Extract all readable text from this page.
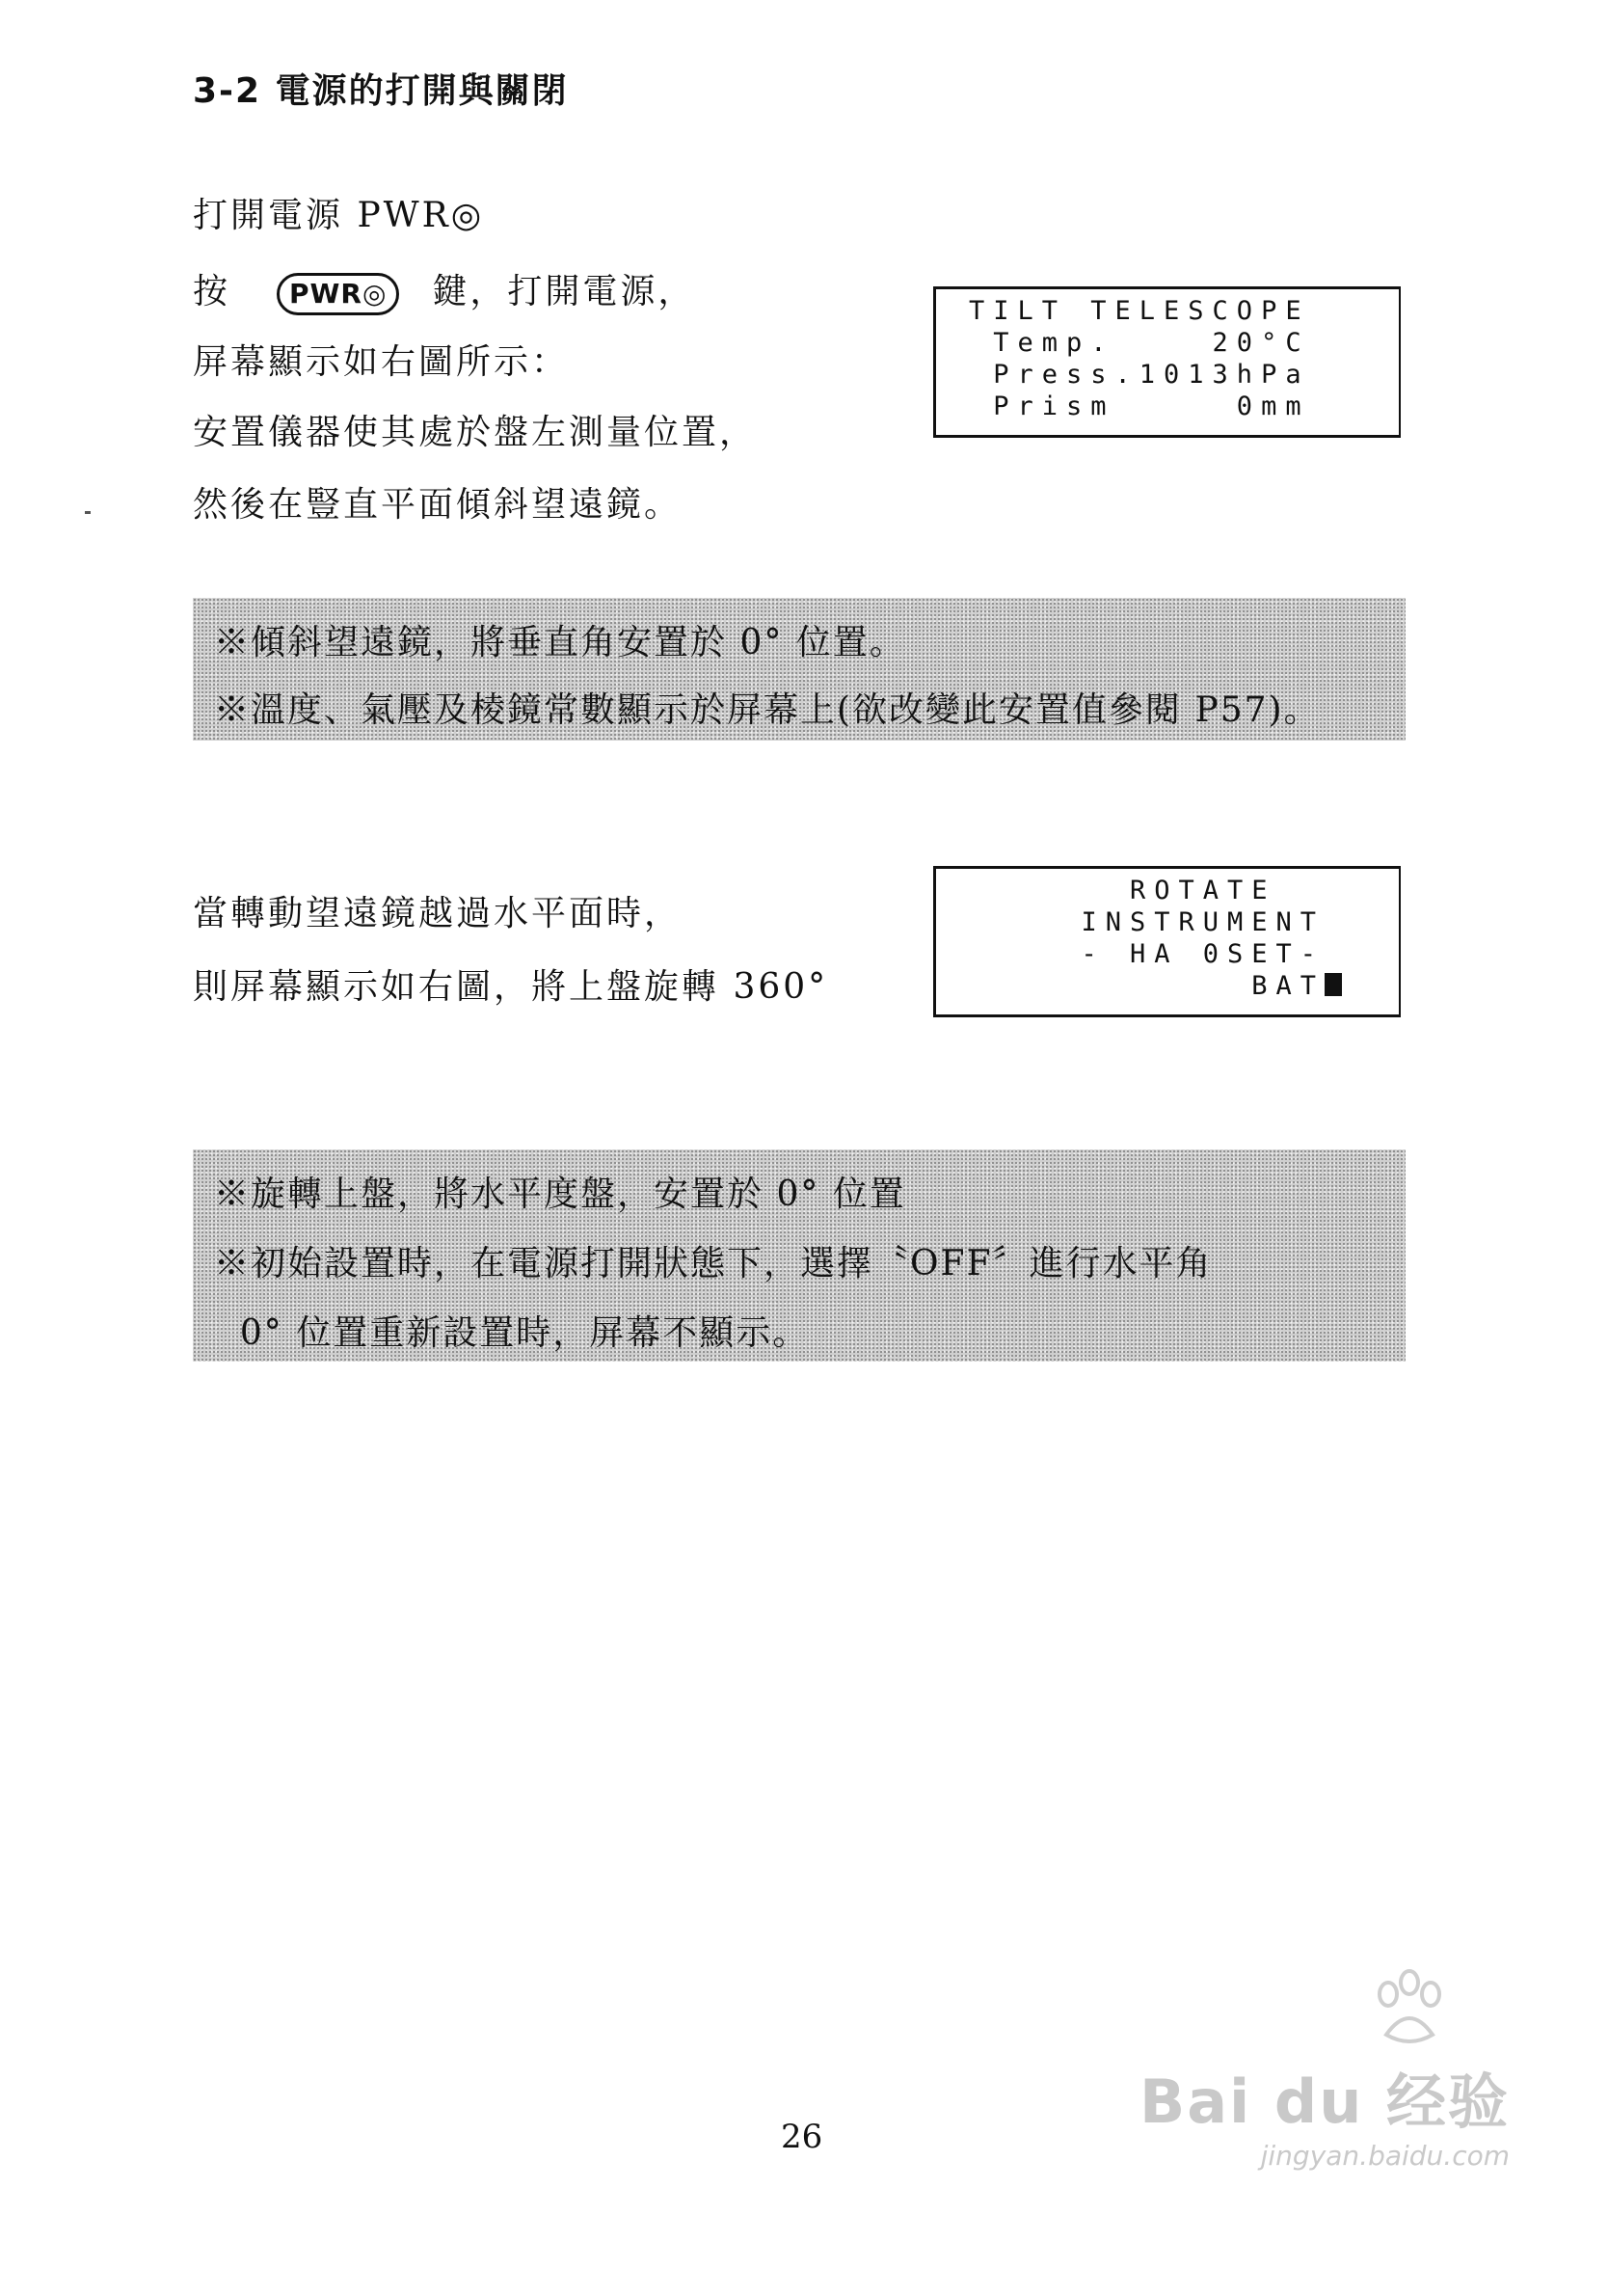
3-2 電源的打開與關閉
打開電源 PWR◎
按 PWR◎ 鍵，打開電源，
屏幕顯示如右圖所示：
安置儀器使其處於盤左測量位置，
然後在豎直平面傾斜望遠鏡。
TILT TELESCOPE
Temp.    20°C
Press.1013hPa
Prism     0mm
※傾斜望遠鏡，將垂直角安置於 0° 位置。
※溫度、氣壓及棱鏡常數顯示於屏幕上(欲改變此安置值參閱 P57)。
當轉動望遠鏡越過水平面時，
則屏幕顯示如右圖，將上盤旋轉 360°
ROTATE
INSTRUMENT
- HA 0SET-
BAT
※旋轉上盤，將水平度盤，安置於 0° 位置
※初始設置時，在電源打開狀態下，選擇〝OFF〞進行水平角
0° 位置重新設置時，屏幕不顯示。
26	Bai du 经验
jingyan.baidu.com
